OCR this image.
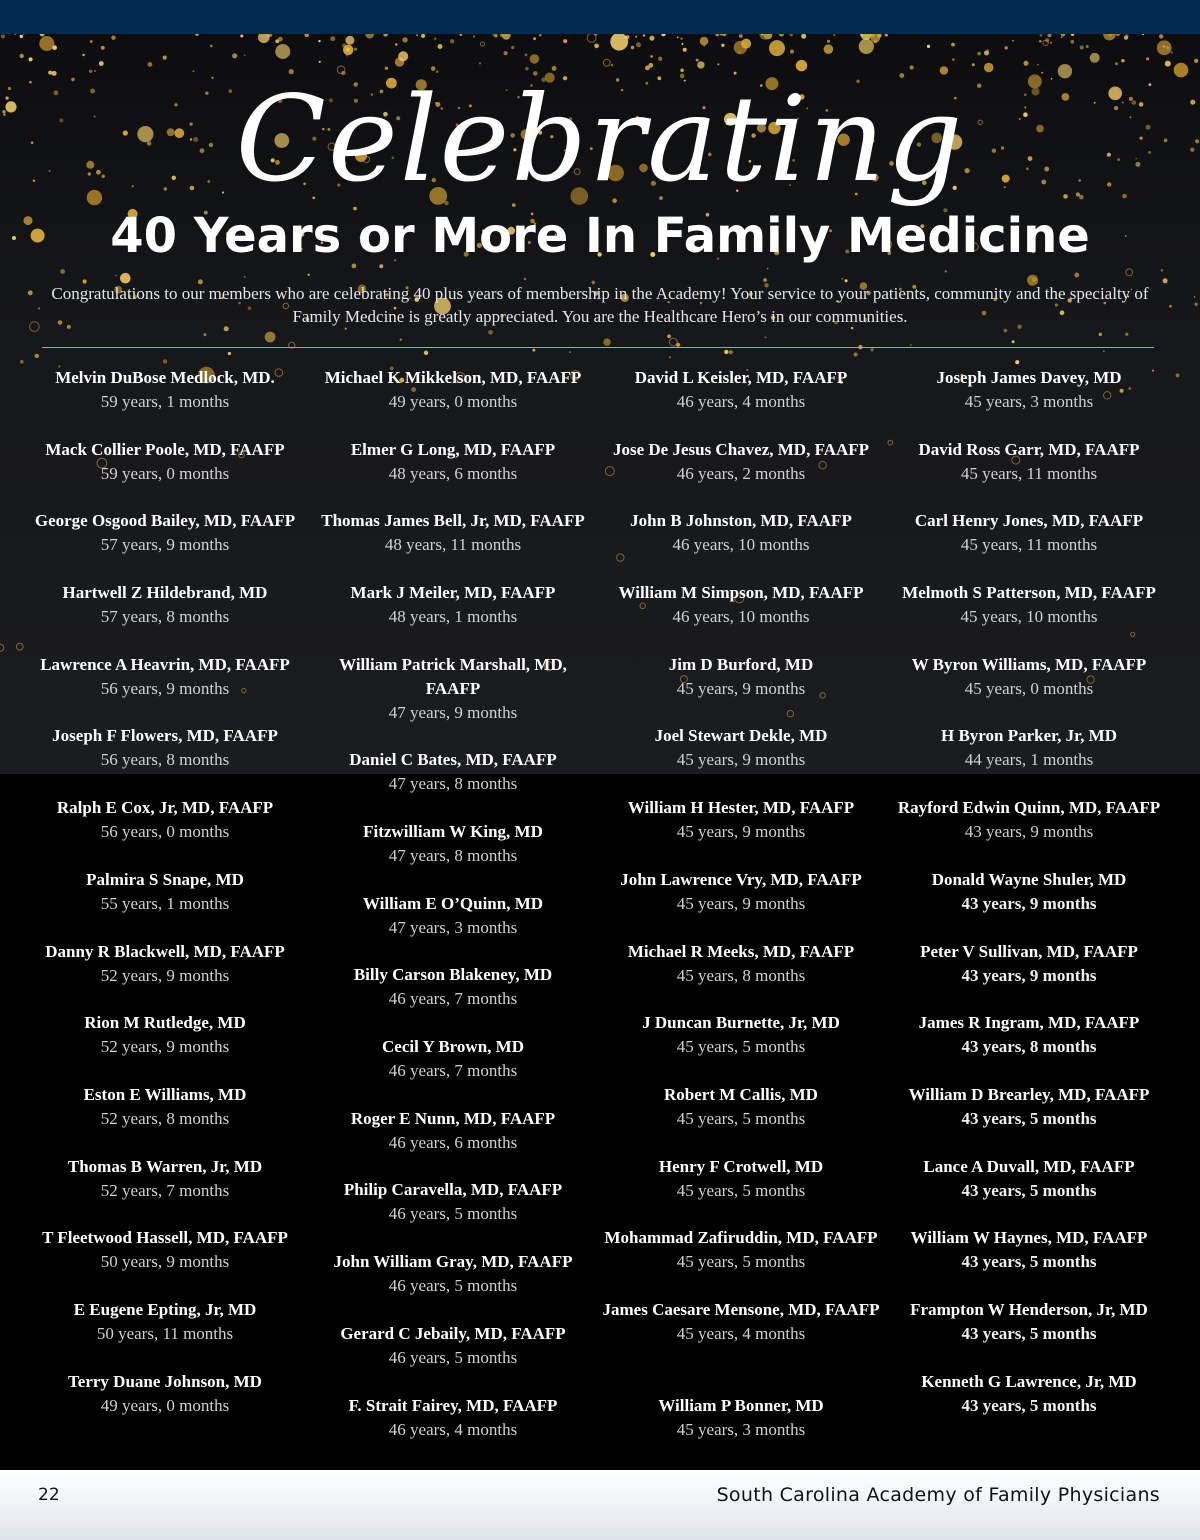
Celebrating
40 Years or More In Family Medicine
Congratulations to our members who are celebrating 40 plus years of membership in the Academy! Your service to your patients, community and the specialty of Family Medcine is greatly appreciated. You are the Healthcare Hero’s in our communities.
Melvin DuBose Medlock, MD.
59 years, 1 months
Mack Collier Poole, MD, FAAFP
59 years, 0 months
George Osgood Bailey, MD, FAAFP
57 years, 9 months
Hartwell Z Hildebrand, MD
57 years, 8 months
Lawrence A Heavrin, MD, FAAFP
56 years, 9 months
Joseph F Flowers, MD, FAAFP
56 years, 8 months
Ralph E Cox, Jr, MD, FAAFP
56 years, 0 months
Palmira S Snape, MD
55 years, 1 months
Danny R Blackwell, MD, FAAFP
52 years, 9 months
Rion M Rutledge, MD
52 years, 9 months
Eston E Williams, MD
52 years, 8 months
Thomas B Warren, Jr, MD
52 years, 7 months
T Fleetwood Hassell, MD, FAAFP
50 years, 9 months
E Eugene Epting, Jr, MD
50 years, 11 months
Terry Duane Johnson, MD
49 years, 0 months
Michael K Mikkelson, MD, FAAFP
49 years, 0 months
Elmer G Long, MD, FAAFP
48 years, 6 months
Thomas James Bell, Jr, MD, FAAFP
48 years, 11 months
Mark J Meiler, MD, FAAFP
48 years, 1 months
William Patrick Marshall, MD, FAAFP
47 years, 9 months
Daniel C Bates, MD, FAAFP
47 years, 8 months
Fitzwilliam W King, MD
47 years, 8 months
William E O’Quinn, MD
47 years, 3 months
Billy Carson Blakeney, MD
46 years, 7 months
Cecil Y Brown, MD
46 years, 7 months
Roger E Nunn, MD, FAAFP
46 years, 6 months
Philip Caravella, MD, FAAFP
46 years, 5 months
John William Gray, MD, FAAFP
46 years, 5 months
Gerard C Jebaily, MD, FAAFP
46 years, 5 months
F. Strait Fairey, MD, FAAFP
46 years, 4 months
David L Keisler, MD, FAAFP
46 years, 4 months
Jose De Jesus Chavez, MD, FAAFP
46 years, 2 months
John B Johnston, MD, FAAFP
46 years, 10 months
William M Simpson, MD, FAAFP
46 years, 10 months
Jim D Burford, MD
45 years, 9 months
Joel Stewart Dekle, MD
45 years, 9 months
William H Hester, MD, FAAFP
45 years, 9 months
John Lawrence Vry, MD, FAAFP
45 years, 9 months
Michael R Meeks, MD, FAAFP
45 years, 8 months
J Duncan Burnette, Jr, MD
45 years, 5 months
Robert M Callis, MD
45 years, 5 months
Henry F Crotwell, MD
45 years, 5 months
Mohammad Zafiruddin, MD, FAAFP
45 years, 5 months
James Caesare Mensone, MD, FAAFP
45 years, 4 months
William P Bonner, MD
45 years, 3 months
Joseph James Davey, MD
45 years, 3 months
David Ross Garr, MD, FAAFP
45 years, 11 months
Carl Henry Jones, MD, FAAFP
45 years, 11 months
Melmoth S Patterson, MD, FAAFP
45 years, 10 months
W Byron Williams, MD, FAAFP
45 years, 0 months
H Byron Parker, Jr, MD
44 years, 1 months
Rayford Edwin Quinn, MD, FAAFP
43 years, 9 months
Donald Wayne Shuler, MD
43 years, 9 months
Peter V Sullivan, MD, FAAFP
43 years, 9 months
James R Ingram, MD, FAAFP
43 years, 8 months
William D Brearley, MD, FAAFP
43 years, 5 months
Lance A Duvall, MD, FAAFP
43 years, 5 months
William W Haynes, MD, FAAFP
43 years, 5 months
Frampton W Henderson, Jr, MD
43 years, 5 months
Kenneth G Lawrence, Jr, MD
43 years, 5 months
22	South Carolina Academy of Family Physicians
